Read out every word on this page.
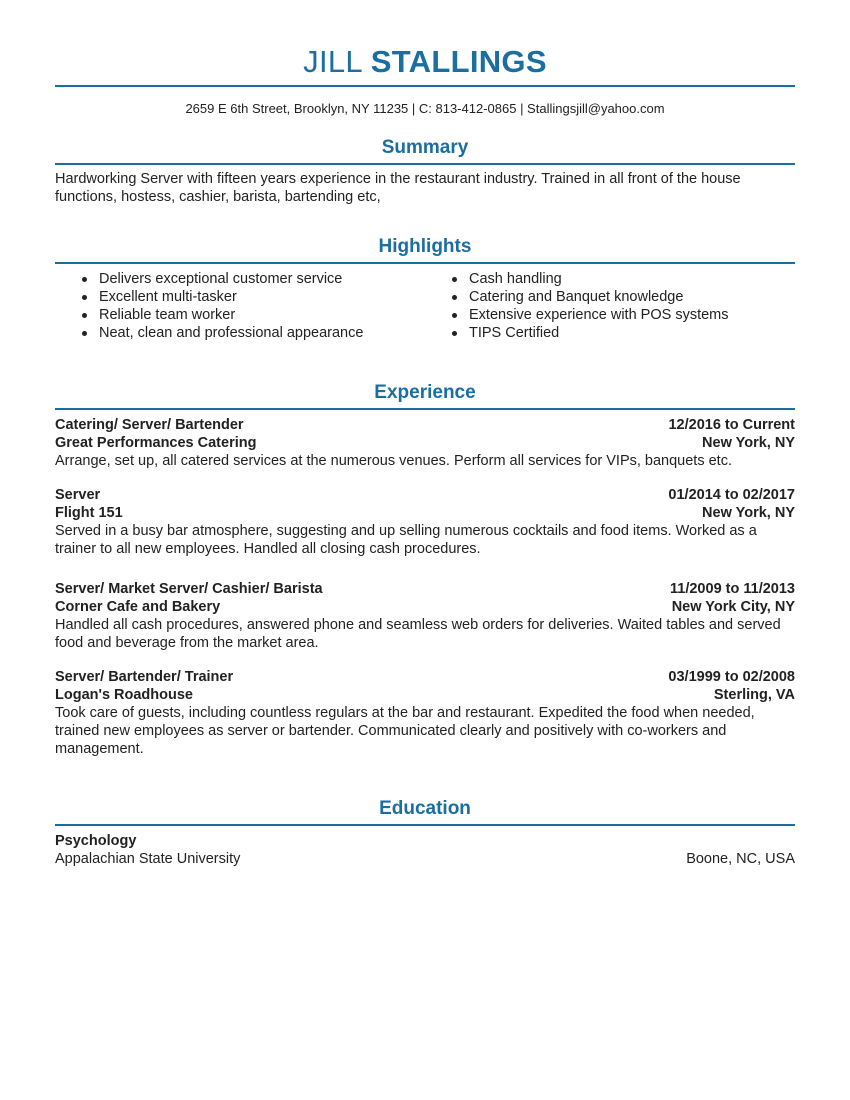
JILL STALLINGS
2659 E 6th Street, Brooklyn, NY 11235 | C: 813-412-0865 | Stallingsjill@yahoo.com
Summary
Hardworking Server with fifteen years experience in the restaurant industry. Trained in all front of the house functions, hostess, cashier, barista, bartending etc,
Highlights
Delivers exceptional customer service
Excellent multi-tasker
Reliable team worker
Neat, clean and professional appearance
Cash handling
Catering and Banquet knowledge
Extensive experience with POS systems
TIPS Certified
Experience
Catering/ Server/ Bartender	12/2016 to Current
Great Performances Catering	New York, NY
Arrange, set up, all catered services at the numerous venues. Perform all services for VIPs, banquets etc.
Server	01/2014 to 02/2017
Flight 151	New York, NY
Served in a busy bar atmosphere, suggesting and up selling numerous cocktails and food items. Worked as a trainer to all new employees. Handled all closing cash procedures.
Server/ Market Server/ Cashier/ Barista	11/2009 to 11/2013
Corner Cafe and Bakery	New York City, NY
Handled all cash procedures, answered phone and seamless web orders for deliveries. Waited tables and served food and beverage from the market area.
Server/ Bartender/ Trainer	03/1999 to 02/2008
Logan's Roadhouse	Sterling, VA
Took care of guests, including countless regulars at the bar and restaurant. Expedited the food when needed, trained new employees as server or bartender. Communicated clearly and positively with co-workers and management.
Education
Psychology
Appalachian State University	Boone, NC, USA
